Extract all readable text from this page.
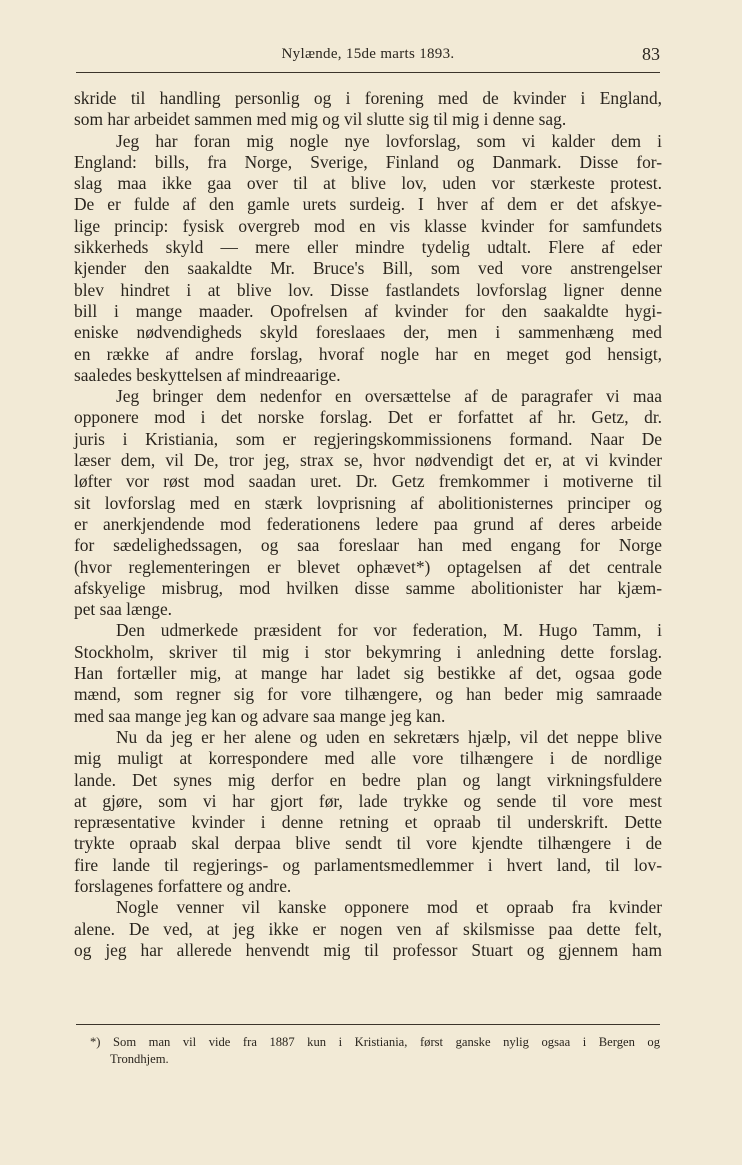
Nylænde, 15de marts 1893.	83
skride til handling personlig og i forening med de kvinder i England,
som har arbeidet sammen med mig og vil slutte sig til mig i denne sag.
Jeg har foran mig nogle nye lovforslag, som vi kalder dem i
England: bills, fra Norge, Sverige, Finland og Danmark. Disse for-
slag maa ikke gaa over til at blive lov, uden vor stærkeste protest.
De er fulde af den gamle urets surdeig. I hver af dem er det afskye-
lige princip: fysisk overgreb mod en vis klasse kvinder for samfundets
sikkerheds skyld — mere eller mindre tydelig udtalt. Flere af eder
kjender den saakaldte Mr. Bruce's Bill, som ved vore anstrengelser
blev hindret i at blive lov. Disse fastlandets lovforslag ligner denne
bill i mange maader. Opofrelsen af kvinder for den saakaldte hygi-
eniske nødvendigheds skyld foreslaaes der, men i sammenhæng med
en række af andre forslag, hvoraf nogle har en meget god hensigt,
saaledes beskyttelsen af mindreaarige.
Jeg bringer dem nedenfor en oversættelse af de paragrafer vi maa
opponere mod i det norske forslag. Det er forfattet af hr. Getz, dr.
juris i Kristiania, som er regjeringskommissionens formand. Naar De
læser dem, vil De, tror jeg, strax se, hvor nødvendigt det er, at vi kvinder
løfter vor røst mod saadan uret. Dr. Getz fremkommer i motiverne til
sit lovforslag med en stærk lovprisning af abolitionisternes principer og
er anerkjendende mod federationens ledere paa grund af deres arbeide
for sædelighedssagen, og saa foreslaar han med engang for Norge
(hvor reglementeringen er blevet ophævet*) optagelsen af det centrale
afskyelige misbrug, mod hvilken disse samme abolitionister har kjæm-
pet saa længe.
Den udmerkede præsident for vor federation, M. Hugo Tamm, i
Stockholm, skriver til mig i stor bekymring i anledning dette forslag.
Han fortæller mig, at mange har ladet sig bestikke af det, ogsaa gode
mænd, som regner sig for vore tilhængere, og han beder mig samraade
med saa mange jeg kan og advare saa mange jeg kan.
Nu da jeg er her alene og uden en sekretærs hjælp, vil det neppe blive
mig muligt at korrespondere med alle vore tilhængere i de nordlige
lande. Det synes mig derfor en bedre plan og langt virkningsfuldere
at gjøre, som vi har gjort før, lade trykke og sende til vore mest
repræsentative kvinder i denne retning et opraab til underskrift. Dette
trykte opraab skal derpaa blive sendt til vore kjendte tilhængere i de
fire lande til regjerings- og parlamentsmedlemmer i hvert land, til lov-
forslagenes forfattere og andre.
Nogle venner vil kanske opponere mod et opraab fra kvinder
alene. De ved, at jeg ikke er nogen ven af skilsmisse paa dette felt,
og jeg har allerede henvendt mig til professor Stuart og gjennem ham
*) Som man vil vide fra 1887 kun i Kristiania, først ganske nylig ogsaa i Bergen og
Trondhjem.
